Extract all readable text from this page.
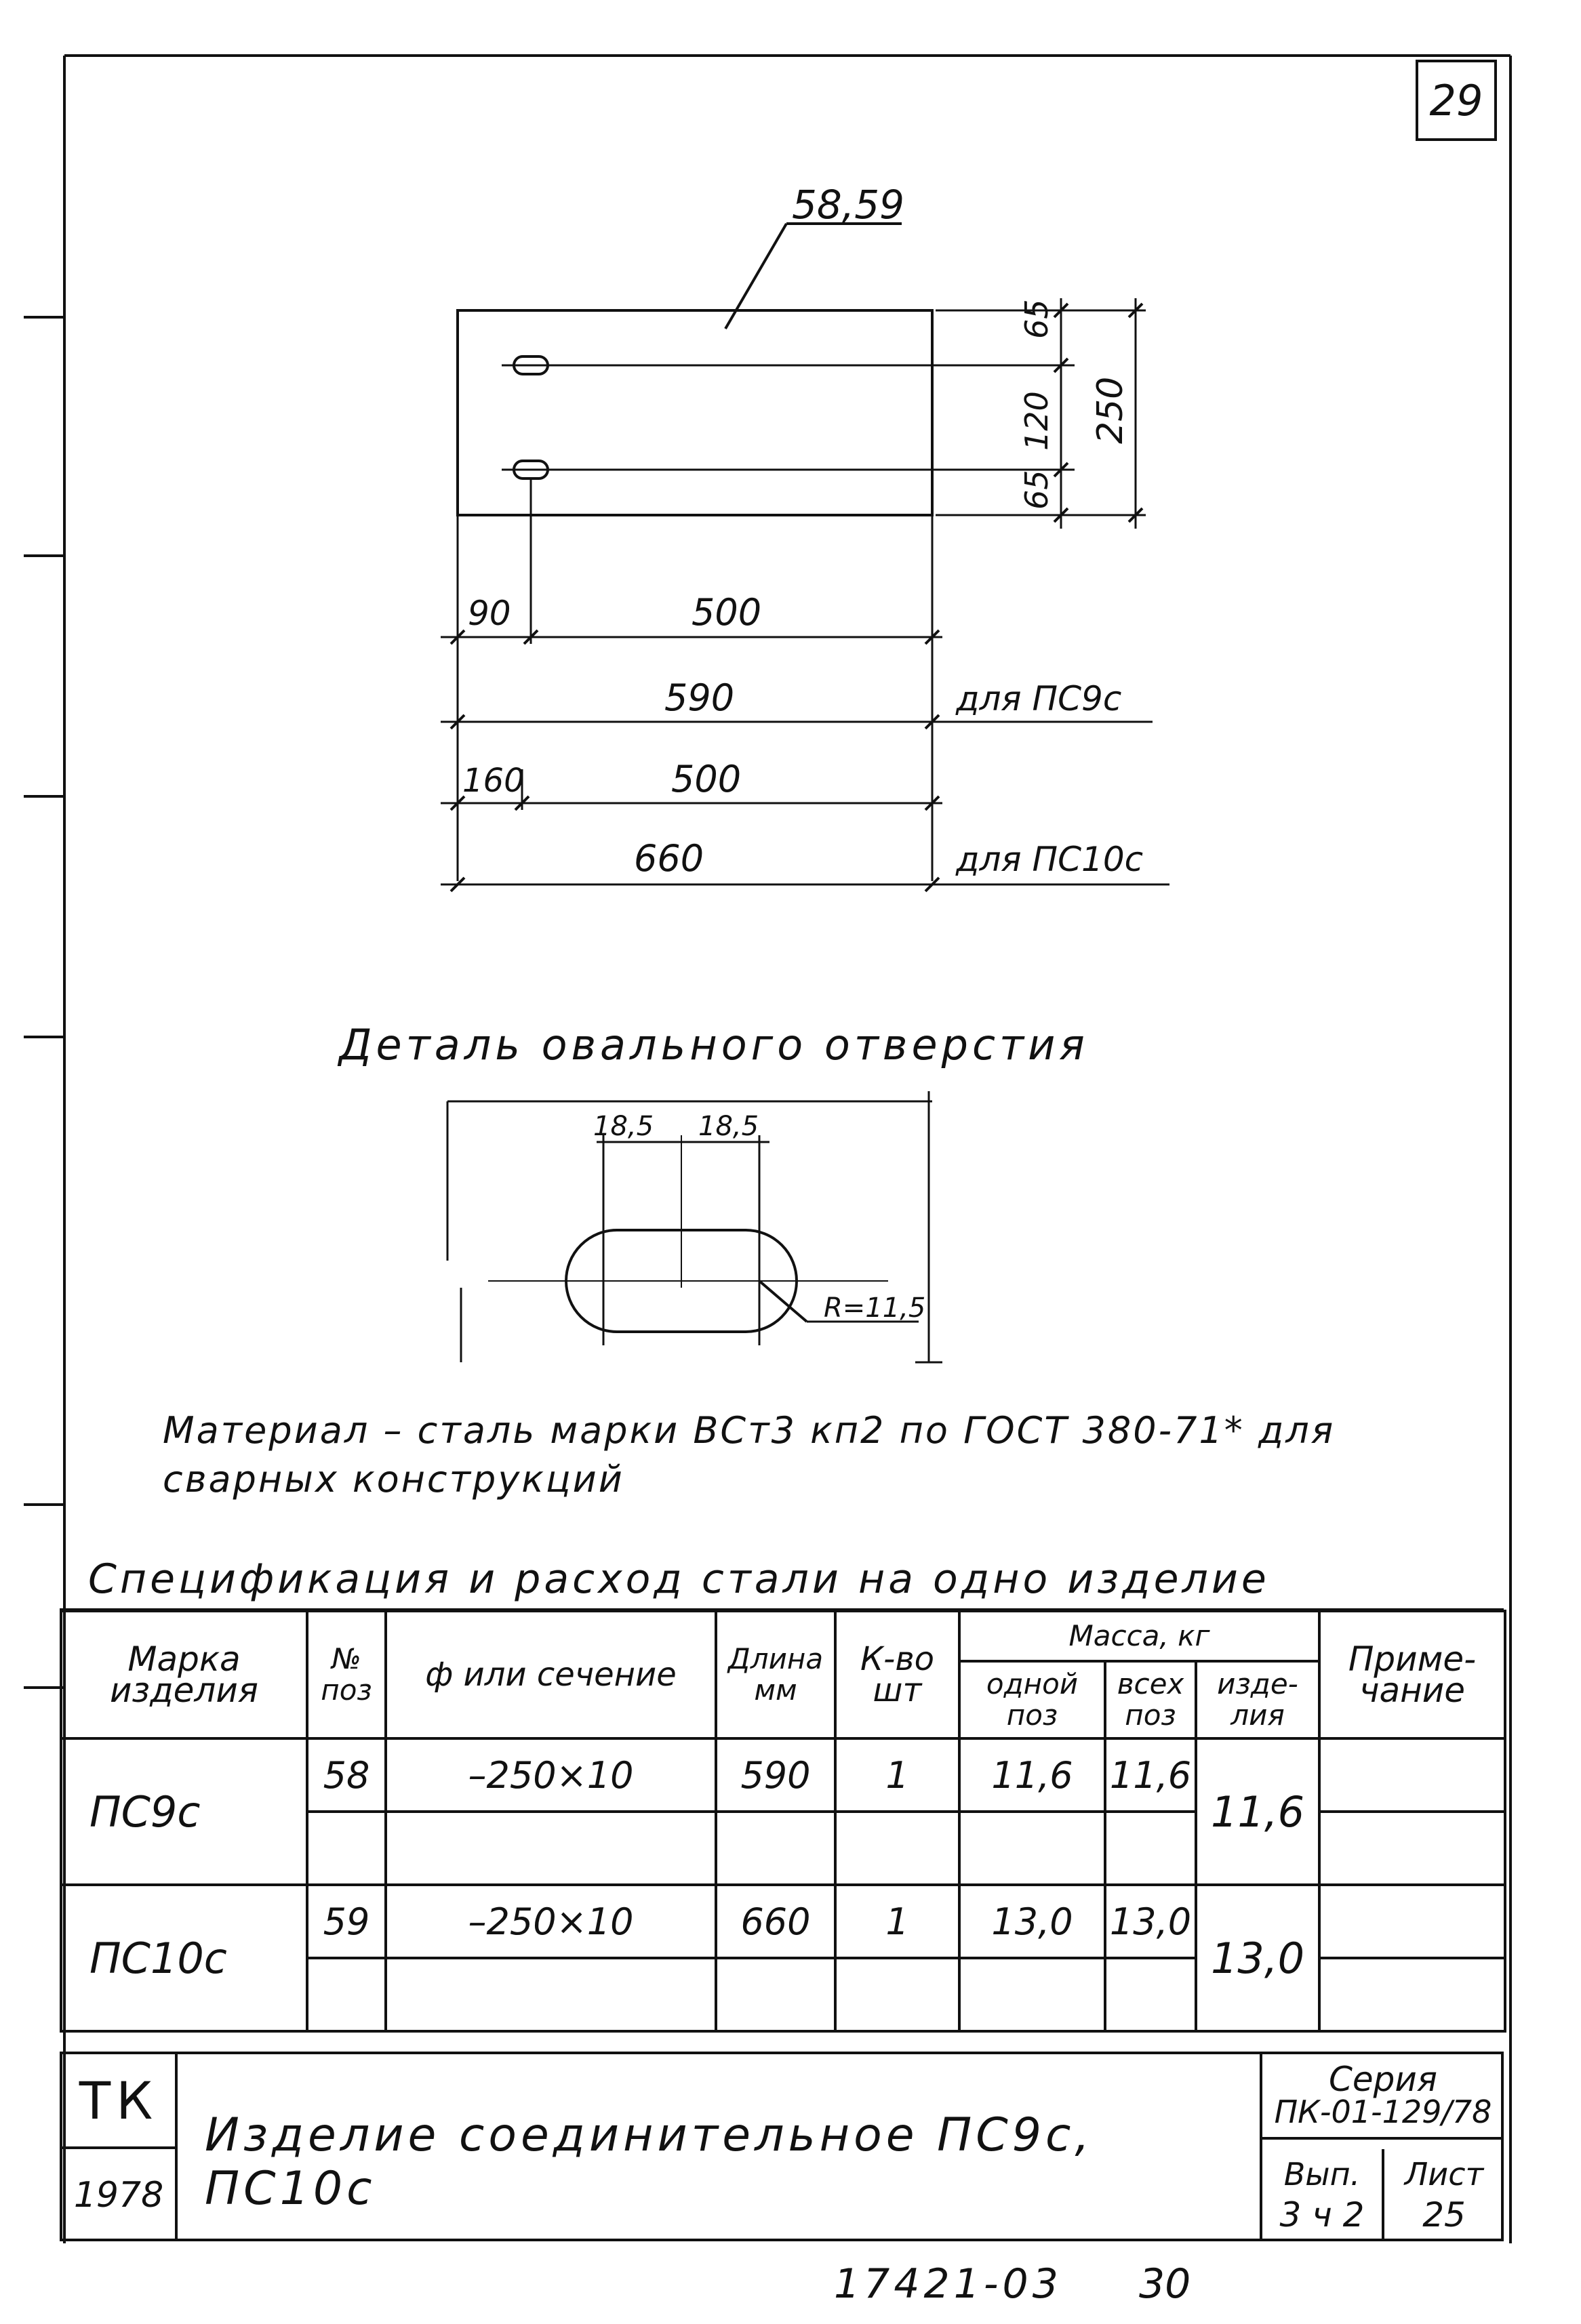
58,59
65
120
65
250
90	500
590	для ПС9с
160	500
660	для ПС10с
18,5 18,5
R=11,5
29
Деталь овального отверстия
Материал – сталь марки ВСт3 кп2 по ГОСТ 380-71* для
сварных конструкций
Спецификация и расход стали на одно изделие
Марка изделия	№ поз	ф или сечение	Длина мм	К-во шт	Масса, кг			Приме- чание
					одной поз	всех поз	изде- лия	
ПС9с	58	–250×10	590	1	11,6	11,6	11,6	

ПС10с	59	–250×10	660	1	13,0	13,0	13,0	

ТК
1978
Изделие соединительное ПС9с, ПС10с
Серия
ПК-01-129/78
Вып.
3 ч 2
Лист
25
17421-03 30
